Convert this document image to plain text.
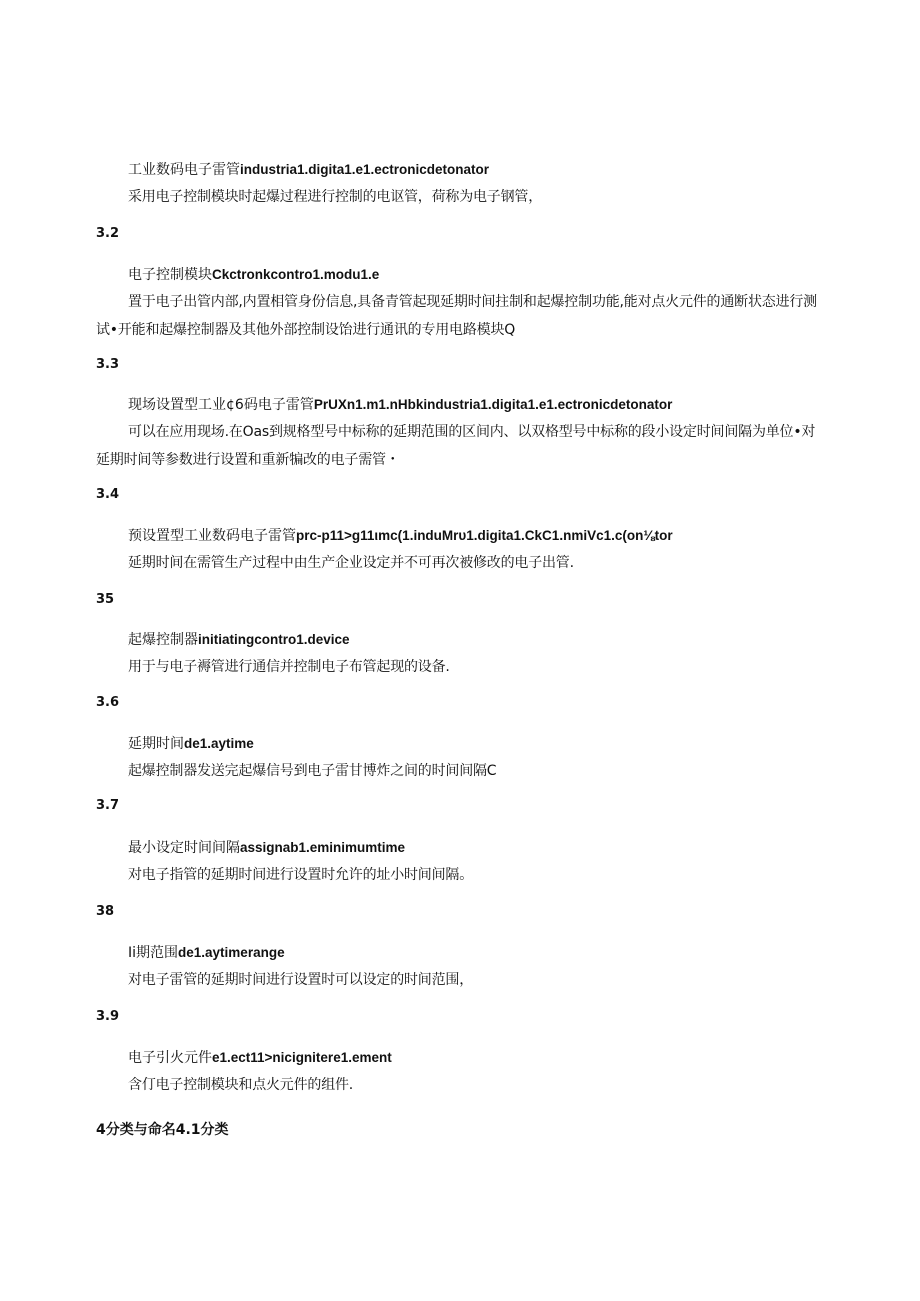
工业数码电子雷管industria1.digita1.e1.ectronicdetonator
采用电子控制模块时起爆过程进行控制的电讴管，荷称为电子钢管，
3.2
电子控制模块Ckctronkcontro1.modu1.e
置于电子出管内部,内置相管身份信息,具备青管起现延期时间拄制和起爆控制功能,能对点火元件的通断状态进行测试•开能和起爆控制器及其他外部控制设饴进行通讯的专用电路模块Q
3.3
现场设置型工业¢6码电子雷管PrUXn1.m1.nHbkindustria1.digita1.e1.ectronicdetonator
可以在应用现场.在Oas到规格型号中标称的延期范围的区间内、以双格型号中标称的段小设定时间间隔为单位•对延期时间等参数进行设置和重新犏改的电子需管・
3.4
预设置型工业数码电子雷管prc-p11>g11ιmc(1.induMrυ1.digita1.CkC1.nmiVc1.c(on⅛tor
延期时间在需管生产过程中由生产企业设定并不可再次被修改的电子出管.
35
起爆控制器initiatingcontro1.device
用于与电子褥管进行通信并控制电子布管起现的设备.
3.6
延期时间de1.aytime
起爆控制器发送完起爆信号到电子雷甘博炸之间的时间间隔C
3.7
最小设定时间间隔assignab1.eminimumtime
对电子指管的延期时间进行设置时允许的址小时间间隔。
38
Ii期范围de1.aytimerange
对电子雷管的延期时间进行设置时可以设定的时间范围，
3.9
电子引火元件e1.ect11>nicignitere1.ement
含仃电子控制模块和点火元件的组件.
4分类与命名4.1分类
